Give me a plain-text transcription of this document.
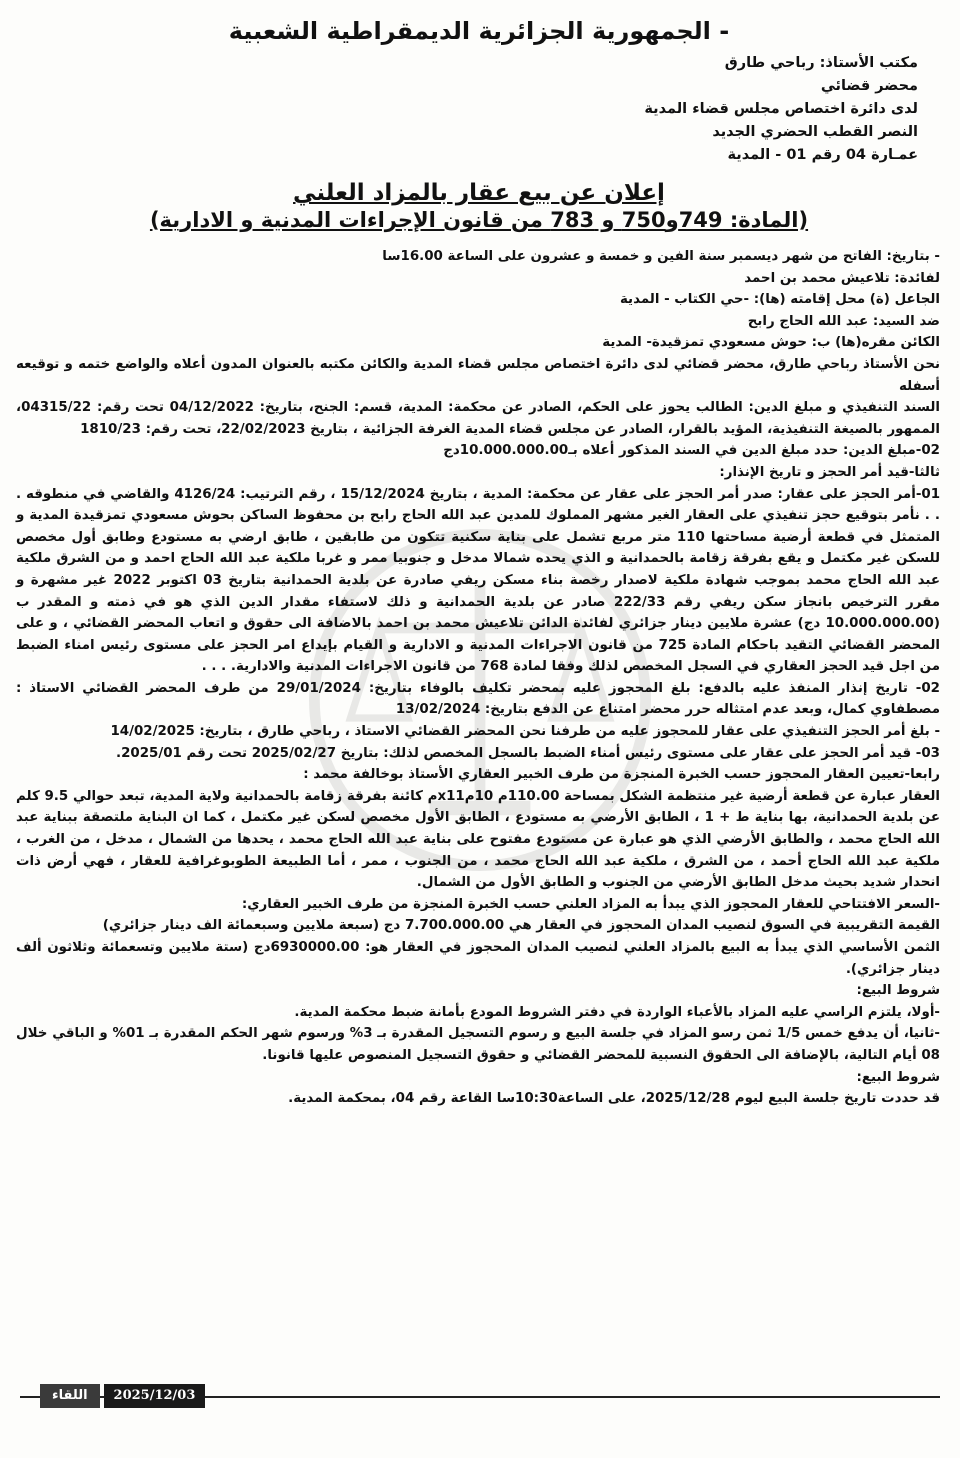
- الجمهورية الجزائرية الديمقراطية الشعبية
مكتب الأستاذ: رباحي طارق
محضر قضائي
لدى دائرة اختصاص مجلس قضاء المدية
النصر القطب الحضري الجديد
عمـارة 04 رقم 01 - المدية
إعلان عن بيع عقار بالمزاد العلني
(المادة: 749و750 و 783 من قانون الإجراءات المدنية و الادارية)

- بتاريخ: الفاتح من شهر ديسمبر سنة الفين و خمسة و عشرون على الساعة 16.00سا

لفائدة: تلاعيش محمد بن احمد

الجاعل (ة) محل إقامته (ها): -حي الكتاب - المدية

ضد السيد: عبد الله الحاج رابح

الكائن مقره(ها) ب: حوش مسعودي تمزقيدة- المدية

نحن الأستاذ رباحي طارق، محضر قضائي لدى دائرة اختصاص مجلس قضاء المدية والكائن مكتبه بالعنوان المدون أعلاه والواضع ختمه و توقيعه أسفله

السند التنفيذي و مبلغ الدين: الطالب يحوز على الحكم، الصادر عن محكمة: المدية، قسم: الجنح، بتاريخ: 04/12/2022 تحت رقم: 04315/22، الممهور بالصيغة التنفيذية، المؤيد بالقرار، الصادر عن مجلس قضاء المدية الغرفة الجزائية ، بتاريخ 22/02/2023، تحت رقم: 1810/23

02-مبلغ الدين: حدد مبلغ الدين في السند المذكور أعلاه بـ10.000.000.00دج

ثالثا-قيد أمر الحجز و تاريخ الإنذار:

01-أمر الحجز على عقار: صدر أمر الحجز على عقار عن محكمة: المدية ، بتاريخ 15/12/2024 ، رقم الترتيب: 4126/24 والقاضي في منطوقه . . . نأمر بتوقيع حجز تنفيذي على العقار الغير مشهر المملوك للمدين عبد الله الحاج رابح بن محفوظ الساكن بحوش مسعودي تمزقيدة المدية و المتمثل في قطعة أرضية مساحتها 110 متر مربع تشمل على بناية سكنية تتكون من طابقين ، طابق ارضي به مستودع وطابق أول مخصص للسكن غير مكتمل و يقع بفرقة زقامة بالحمدانية و الذي يحده شمالا مدخل و جنوبيا ممر و غربا ملكية عبد الله الحاج احمد و من الشرق ملكية عبد الله الحاج محمد بموجب شهادة ملكية لاصدار رخصة بناء مسكن ريفي صادرة عن بلدية الحمدانية بتاريخ 03 اكتوبر 2022 غير مشهرة و مقرر الترخيص بانجاز سكن ريفي رقم 222/33 صادر عن بلدية الحمدانية و ذلك لاستفاء مقدار الدين الذي هو في ذمته و المقدر ب (10.000.000.00 دج) عشرة ملايين دينار جزائري لفائدة الدائن تلاعيش محمد بن احمد بالاضافة الى حقوق و اتعاب المحضر القضائي ، و على المحضر القضائي التقيد باحكام المادة 725 من قانون الاجراءات المدنية و الادارية و القيام بإيداع امر الحجز على مستوى رئيس امناء الضبط من اجل قيد الحجز العقاري في السجل المخصص لذلك وفقا لمادة 768 من قانون الاجراءات المدنية والادارية. . . .

02- تاريخ إنذار المنفذ عليه بالدفع: بلغ المحجوز عليه بمحضر تكليف بالوفاء بتاريخ: 29/01/2024 من طرف المحضر القضائي الاستاذ : مصطفاوي كمال، وبعد عدم امتثاله حرر محضر امتناع عن الدفع بتاريخ: 13/02/2024

- بلغ أمر الحجز التنفيذي على عقار للمحجوز عليه من طرفنا نحن المحضر القضائي الاستاذ ، رباحي طارق ، بتاريخ: 14/02/2025

03- قيد أمر الحجز على عقار على مستوى رئيس أمناء الضبط بالسجل المخصص لذلك: بتاريخ 2025/02/27 تحت رقم 2025/01.

رابعا-تعيين العقار المحجوز حسب الخبرة المنجزة من طرف الخبير العقاري الأستاذ بوخالفة محمد :

العقار عبارة عن قطعة أرضية غير منتظمة الشكل بمساحة 110.00م 10مx11م كائنة بفرقة زقامة بالحمدانية ولاية المدية، تبعد حوالي 9.5 كلم عن بلدية الحمدانية، بها بناية ط + 1 ، الطابق الأرضي به مستودع ، الطابق الأول مخصص لسكن غير مكتمل ، كما ان البناية ملتصقة ببناية عبد الله الحاج محمد ، والطابق الأرضي الذي هو عبارة عن مستودع مفتوح على بناية عبد الله الحاج محمد ، يحدها من الشمال ، مدخل ، من الغرب ، ملكية عبد الله الحاج أحمد ، من الشرق ، ملكية عبد الله الحاج محمد ، من الجنوب ، ممر ، أما الطبيعة الطوبوغرافية للعقار ، فهي أرض ذات انحدار شديد بحيث مدخل الطابق الأرضي من الجنوب و الطابق الأول من الشمال.

-السعر الافتتاحي للعقار المحجوز الذي يبدأ به المزاد العلني حسب الخبرة المنجزة من طرف الخبير العقاري:

القيمة التقريبية في السوق لنصيب المدان المحجوز في العقار هي 7.700.000.00 دج (سبعة ملايين وسبعمائة الف دينار جزائري)

الثمن الأساسي الذي يبدأ به البيع بالمزاد العلني لنصيب المدان المحجوز في العقار هو: 6930000.00دج (ستة ملايين وتسعمائة وثلاثون ألف دينار جزائري).

شروط البيع:

-أولا، يلتزم الراسي عليه المزاد بالأعباء الواردة في دفتر الشروط المودع بأمانة ضبط محكمة المدية.

-ثانيا، أن يدفع خمس 1/5 ثمن رسو المزاد في جلسة البيع و رسوم التسجيل المقدرة بـ 3% ورسوم شهر الحكم المقدرة بـ 01% و الباقي خلال 08 أيام التالية، بالإضافة الى الحقوق النسبية للمحضر القضائي و حقوق التسجيل المنصوص عليها قانونا.

شروط البيع:

قد حددت تاريخ جلسة البيع ليوم 2025/12/28، على الساعة10:30سا القاعة رقم 04، بمحكمة المدية.

اللقاء	2025/12/03
